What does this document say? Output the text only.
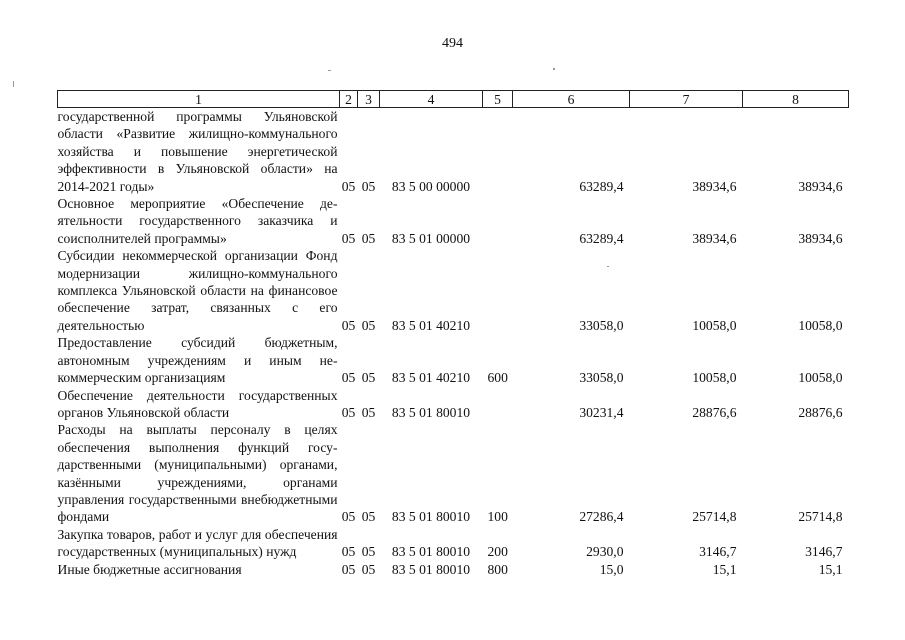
494
1	2	3	4	5	6	7	8
государственной программы Ульяновской области «Развитие жилищно-коммунального хозяйства и повышение энергетической эффективности в Ульяновской области» на 2014-2021 годы»	05	05	83 5 00 00000		63289,4	38934,6	38934,6
Основное мероприятие «Обеспечение деятельности государственного заказчика и соисполнителей программы»	05	05	83 5 01 00000		63289,4	38934,6	38934,6
Субсидии некоммерческой организации Фонд модернизации жилищно-коммунального комплекса Ульяновской области на финансовое обеспечение затрат, связанных с его деятельностью	05	05	83 5 01 40210		33058,0	10058,0	10058,0
Предоставление субсидий бюджетным, автономным учреждениям и иным некоммерческим организациям	05	05	83 5 01 40210	600	33058,0	10058,0	10058,0
Обеспечение деятельности государственных органов Ульяновской области	05	05	83 5 01 80010		30231,4	28876,6	28876,6
Расходы на выплаты персоналу в целях обеспечения выполнения функций государственными (муниципальными) органами, казёнными учреждениями, органами управления государственными внебюджетными фондами	05	05	83 5 01 80010	100	27286,4	25714,8	25714,8
Закупка товаров, работ и услуг для обеспечения государственных (муниципальных) нужд	05	05	83 5 01 80010	200	2930,0	3146,7	3146,7
Иные бюджетные ассигнования	05	05	83 5 01 80010	800	15,0	15,1	15,1
